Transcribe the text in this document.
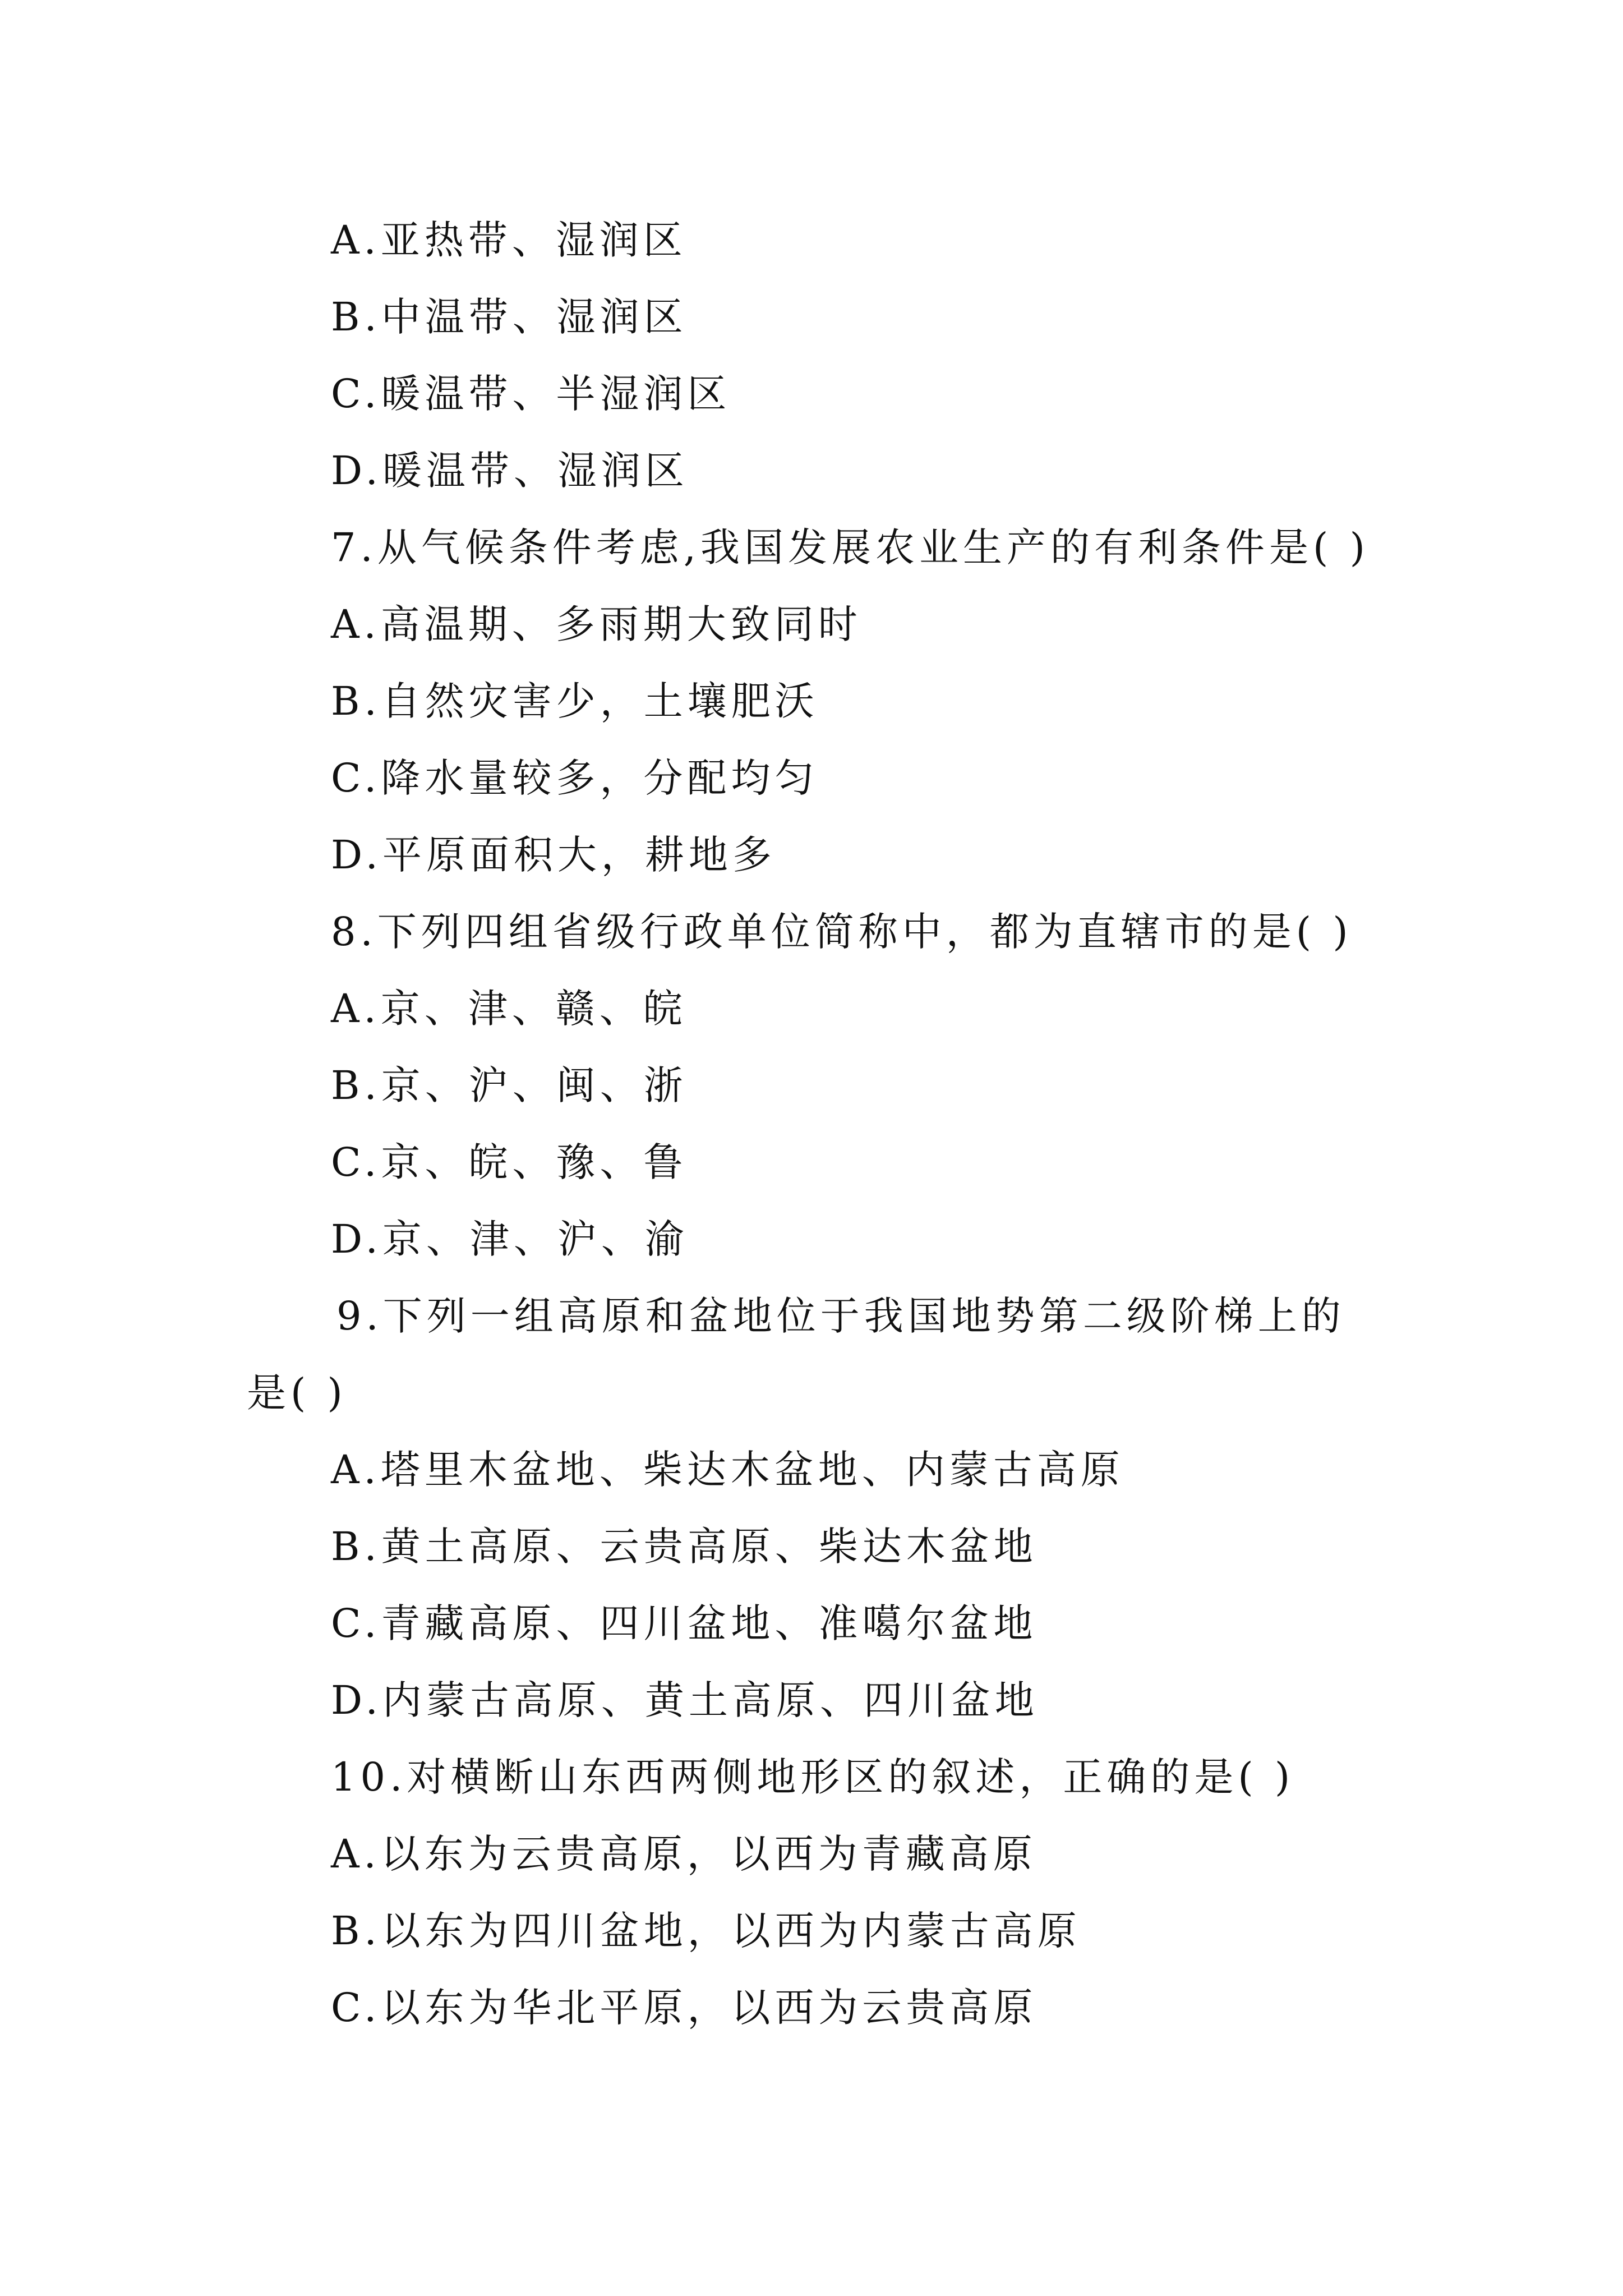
A.亚热带、湿润区
B.中温带、湿润区
C.暖温带、半湿润区
D.暖温带、湿润区
7.从气候条件考虑,我国发展农业生产的有利条件是( )
A.高温期、多雨期大致同时
B.自然灾害少，土壤肥沃
C.降水量较多，分配均匀
D.平原面积大，耕地多
8.下列四组省级行政单位简称中，都为直辖市的是( )
A.京、津、赣、皖
B.京、沪、闽、浙
C.京、皖、豫、鲁
D.京、津、沪、渝
9.下列一组高原和盆地位于我国地势第二级阶梯上的
是( )
A.塔里木盆地、柴达木盆地、内蒙古高原
B.黄土高原、云贵高原、柴达木盆地
C.青藏高原、四川盆地、准噶尔盆地
D.内蒙古高原、黄土高原、四川盆地
10.对横断山东西两侧地形区的叙述，正确的是( )
A.以东为云贵高原，以西为青藏高原
B.以东为四川盆地，以西为内蒙古高原
C.以东为华北平原，以西为云贵高原
